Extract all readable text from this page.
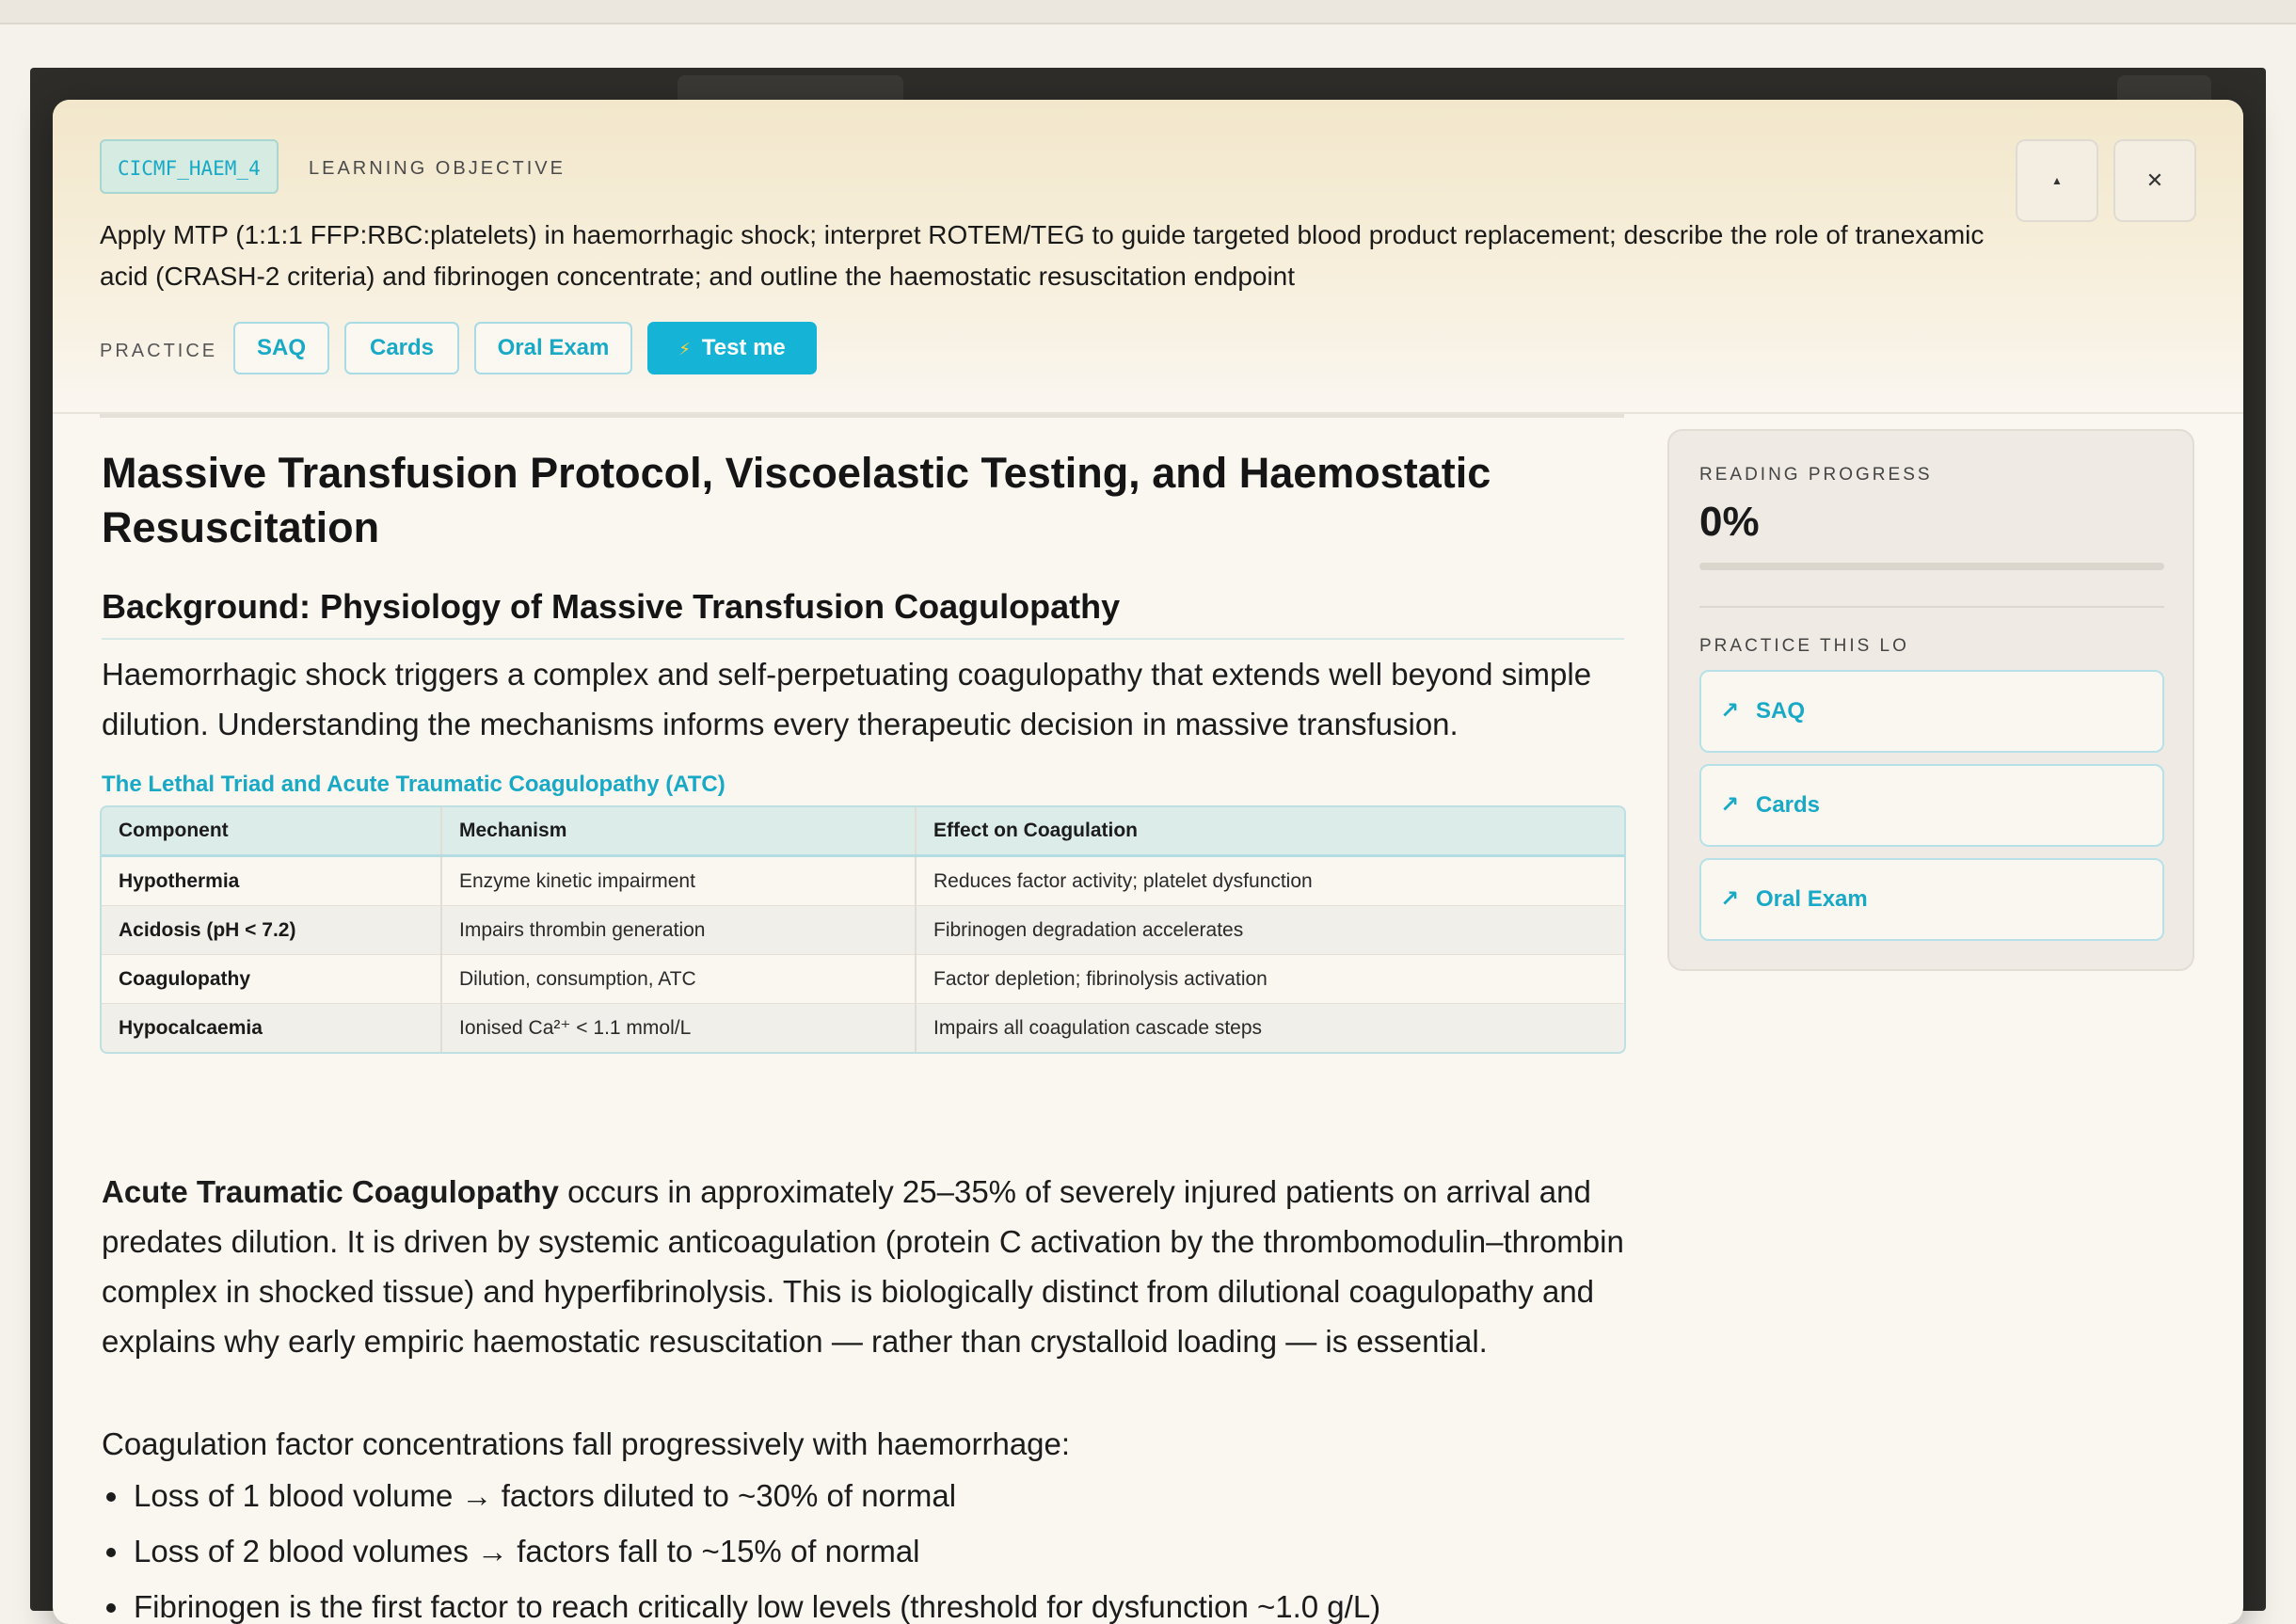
CICMF_HAEM_4	LEARNING OBJECTIVE
Apply MTP (1:1:1 FFP:RBC:platelets) in haemorrhagic shock; interpret ROTEM/TEG to guide targeted blood product replacement; describe the role of tranexamic acid (CRASH-2 criteria) and fibrinogen concentrate; and outline the haemostatic resuscitation endpoint
PRACTICE	SAQ	Cards	Oral Exam	⚡ Test me
▲	✕
Massive Transfusion Protocol, Viscoelastic Testing, and Haemostatic Resuscitation
Background: Physiology of Massive Transfusion Coagulopathy

Haemorrhagic shock triggers a complex and self-perpetuating coagulopathy that extends well beyond simple dilution. Understanding the mechanisms informs every therapeutic decision in massive transfusion.

The Lethal Triad and Acute Traumatic Coagulopathy (ATC)
Component	Mechanism	Effect on Coagulation
Hypothermia	Enzyme kinetic impairment	Reduces factor activity; platelet dysfunction
Acidosis (pH < 7.2)	Impairs thrombin generation	Fibrinogen degradation accelerates
Coagulopathy	Dilution, consumption, ATC	Factor depletion; fibrinolysis activation
Hypocalcaemia	Ionised Ca²⁺ < 1.1 mmol/L	Impairs all coagulation cascade steps

Acute Traumatic Coagulopathy occurs in approximately 25–35% of severely injured patients on arrival and predates dilution. It is driven by systemic anticoagulation (protein C activation by the thrombomodulin–thrombin complex in shocked tissue) and hyperfibrinolysis. This is biologically distinct from dilutional coagulopathy and explains why early empiric haemostatic resuscitation — rather than crystalloid loading — is essential.

Coagulation factor concentrations fall progressively with haemorrhage:

• Loss of 1 blood volume → factors diluted to ~30% of normal
• Loss of 2 blood volumes → factors fall to ~15% of normal
• Fibrinogen is the first factor to reach critically low levels (threshold for dysfunction ~1.0 g/L)
READING PROGRESS
0%
PRACTICE THIS LO
↗ SAQ
↗ Cards
↗ Oral Exam
